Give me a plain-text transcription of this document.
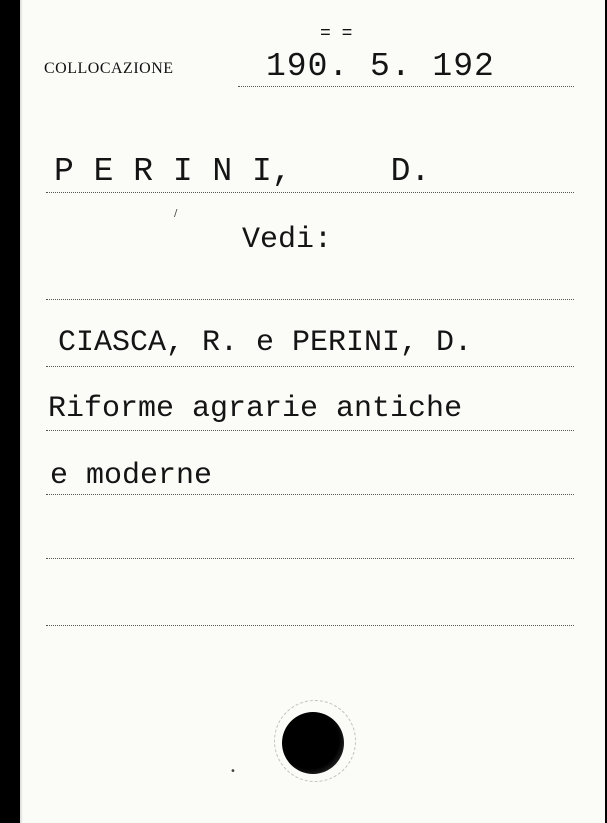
COLLOCAZIONE
= =
190. 5. 192
P E R I N I,     D.
/
Vedi:
CIASCA, R. e PERINI, D.
Riforme agrarie antiche
e moderne
•
